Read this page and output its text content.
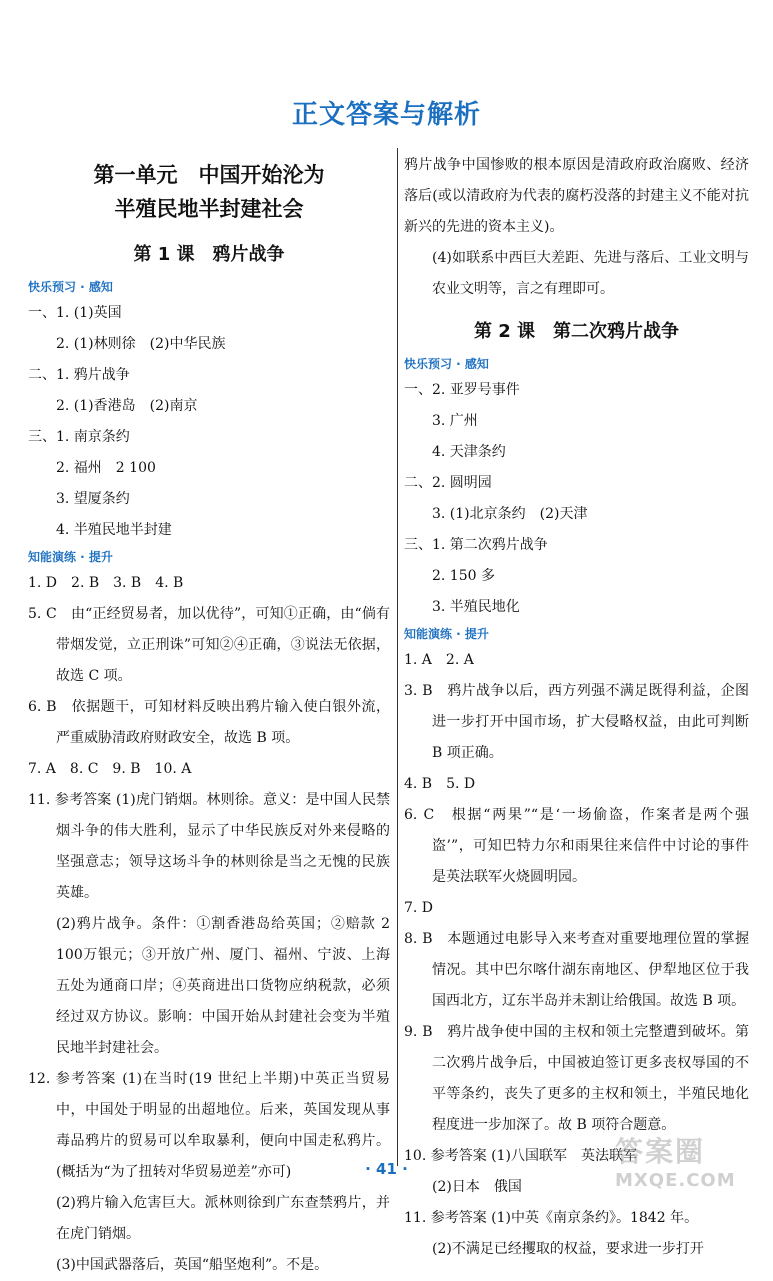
正文答案与解析
第一单元　中国开始沦为
半殖民地半封建社会
第 1 课　鸦片战争
快乐预习 · 感知
一、1. (1)英国
2. (1)林则徐　(2)中华民族
二、1. 鸦片战争
2. (1)香港岛　(2)南京
三、1. 南京条约
2. 福州　2 100
3. 望厦条约
4. 半殖民地半封建
知能演练 · 提升
1. D　2. B　3. B　4. B
5. C　由“正经贸易者，加以优待”，可知①正确，由“倘有带烟发觉，立正刑诛”可知②④正确，③说法无依据，故选 C 项。
6. B　依据题干，可知材料反映出鸦片输入使白银外流，严重威胁清政府财政安全，故选 B 项。
7. A　8. C　9. B　10. A
11. 参考答案 (1)虎门销烟。林则徐。意义：是中国人民禁烟斗争的伟大胜利，显示了中华民族反对外来侵略的坚强意志；领导这场斗争的林则徐是当之无愧的民族英雄。
(2)鸦片战争。条件：①割香港岛给英国；②赔款 2 100万银元；③开放广州、厦门、福州、宁波、上海五处为通商口岸；④英商进出口货物应纳税款，必须经过双方协议。影响：中国开始从封建社会变为半殖民地半封建社会。
12. 参考答案 (1)在当时(19 世纪上半期)中英正当贸易中，中国处于明显的出超地位。后来，英国发现从事毒品鸦片的贸易可以牟取暴利，便向中国走私鸦片。(概括为“为了扭转对华贸易逆差”亦可)
(2)鸦片输入危害巨大。派林则徐到广东查禁鸦片，并在虎门销烟。
(3)中国武器落后，英国“船坚炮利”。不是。
鸦片战争中国惨败的根本原因是清政府政治腐败、经济落后(或以清政府为代表的腐朽没落的封建主义不能对抗新兴的先进的资本主义)。
(4)如联系中西巨大差距、先进与落后、工业文明与农业文明等，言之有理即可。
第 2 课　第二次鸦片战争
快乐预习 · 感知
一、2. 亚罗号事件
3. 广州
4. 天津条约
二、2. 圆明园
3. (1)北京条约　(2)天津
三、1. 第二次鸦片战争
2. 150 多
3. 半殖民地化
知能演练 · 提升
1. A　2. A
3. B　鸦片战争以后，西方列强不满足既得利益，企图进一步打开中国市场，扩大侵略权益，由此可判断 B 项正确。
4. B　5. D
6. C　根据“两果”“是‘一场偷盗，作案者是两个强盗’”，可知巴特力尔和雨果往来信件中讨论的事件是英法联军火烧圆明园。
7. D
8. B　本题通过电影导入来考查对重要地理位置的掌握情况。其中巴尔喀什湖东南地区、伊犁地区位于我国西北方，辽东半岛并未割让给俄国。故选 B 项。
9. B　鸦片战争使中国的主权和领土完整遭到破坏。第二次鸦片战争后，中国被迫签订更多丧权辱国的不平等条约，丧失了更多的主权和领土，半殖民地化程度进一步加深了。故 B 项符合题意。
10. 参考答案 (1)八国联军　英法联军
(2)日本　俄国
11. 参考答案 (1)中英《南京条约》。1842 年。
(2)不满足已经攫取的权益，要求进一步打开
· 41 ·
答案圈
MXQE.COM
